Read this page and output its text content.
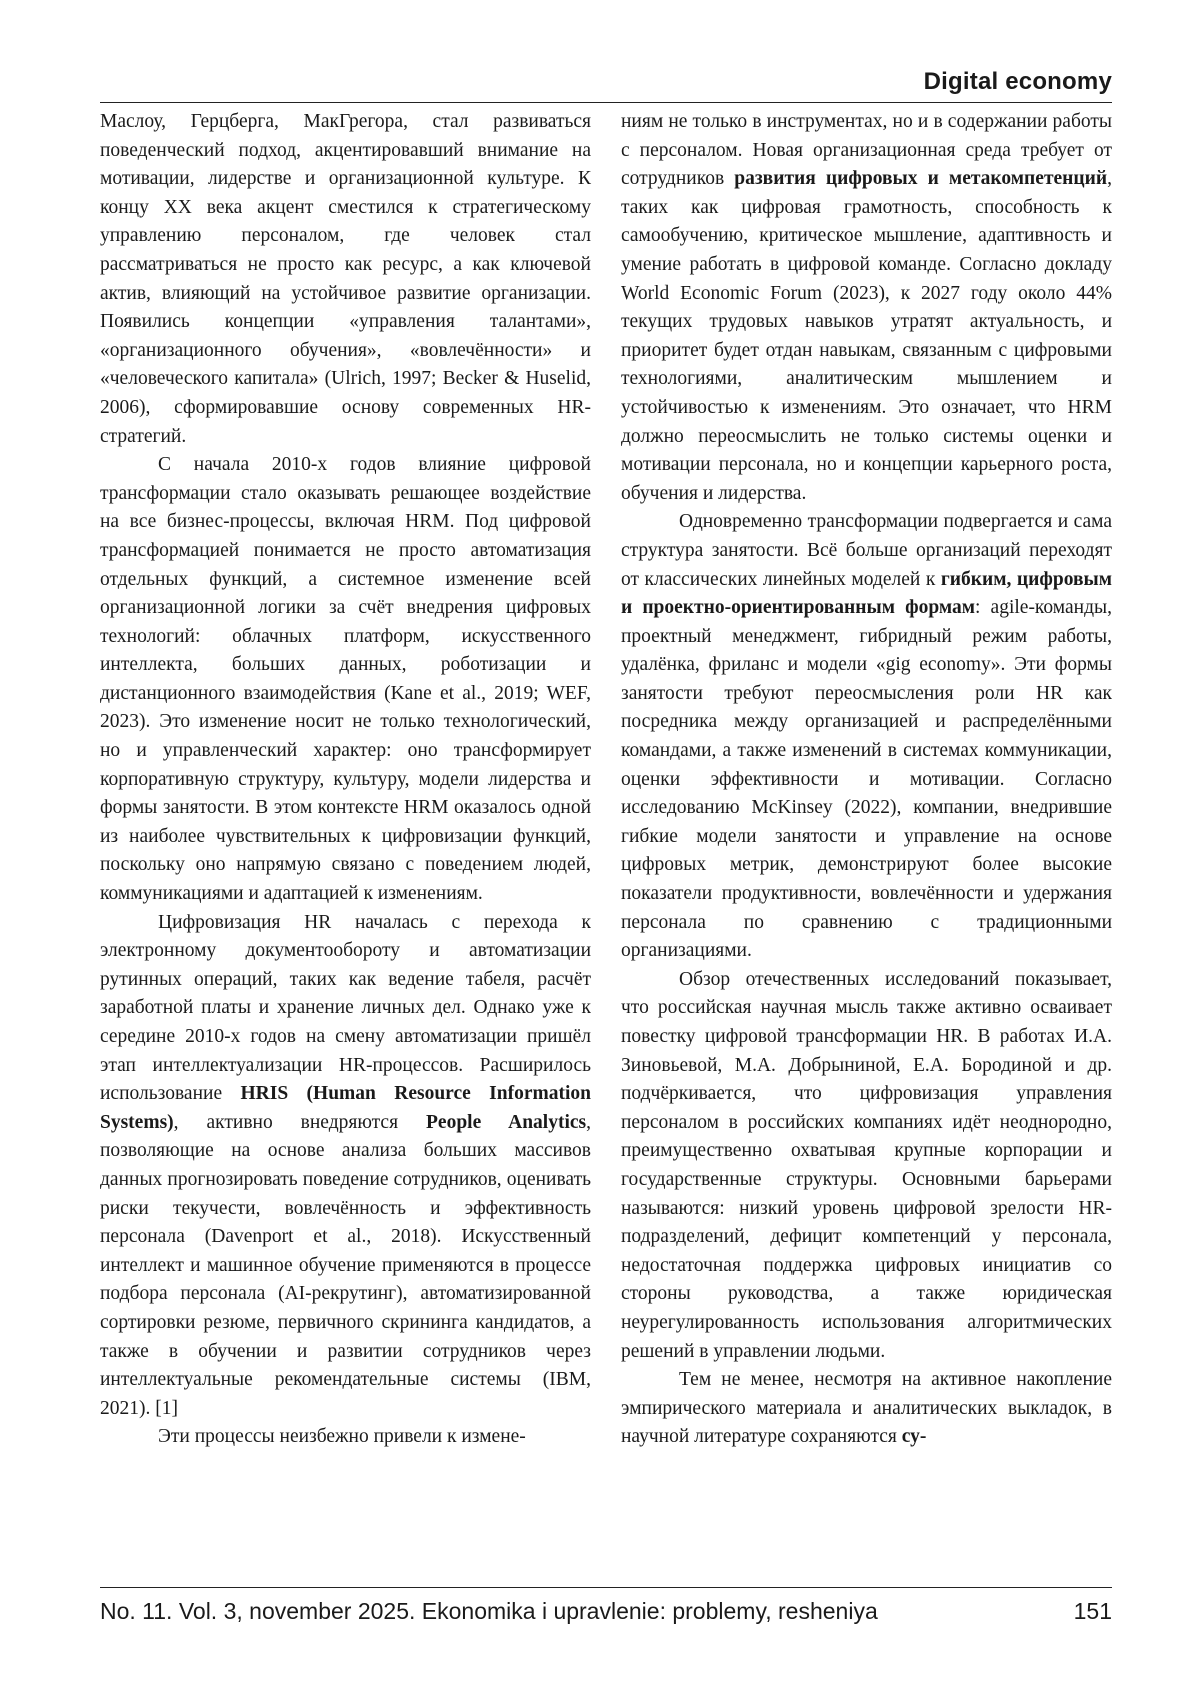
Digital economy

Маслоу, Герцберга, МакГрегора, стал развиваться поведенческий подход, акцентировавший внимание на мотивации, лидерстве и организационной культуре. К концу XX века акцент сместился к стратегическому управлению персоналом, где человек стал рассматриваться не просто как ресурс, а как ключевой актив, влияющий на устойчивое развитие организации. Появились концепции «управления талантами», «организационного обучения», «вовлечённости» и «человеческого капитала» (Ulrich, 1997; Becker & Huselid, 2006), сформировавшие основу современных HR-стратегий.

С начала 2010-х годов влияние цифровой трансформации стало оказывать решающее воздействие на все бизнес-процессы, включая HRM. Под цифровой трансформацией понимается не просто автоматизация отдельных функций, а системное изменение всей организационной логики за счёт внедрения цифровых технологий: облачных платформ, искусственного интеллекта, больших данных, роботизации и дистанционного взаимодействия (Kane et al., 2019; WEF, 2023). Это изменение носит не только технологический, но и управленческий характер: оно трансформирует корпоративную структуру, культуру, модели лидерства и формы занятости. В этом контексте HRM оказалось одной из наиболее чувствительных к цифровизации функций, поскольку оно напрямую связано с поведением людей, коммуникациями и адаптацией к изменениям.

Цифровизация HR началась с перехода к электронному документообороту и автоматизации рутинных операций, таких как ведение табеля, расчёт заработной платы и хранение личных дел. Однако уже к середине 2010-х годов на смену автоматизации пришёл этап интеллектуализации HR-процессов. Расширилось использование HRIS (Human Resource Information Systems), активно внедряются People Analytics, позволяющие на основе анализа больших массивов данных прогнозировать поведение сотрудников, оценивать риски текучести, вовлечённость и эффективность персонала (Davenport et al., 2018). Искусственный интеллект и машинное обучение применяются в процессе подбора персонала (AI-рекрутинг), автоматизированной сортировки резюме, первичного скрининга кандидатов, а также в обучении и развитии сотрудников через интеллектуальные рекомендательные системы (IBM, 2021). [1]

Эти процессы неизбежно привели к измене-

ниям не только в инструментах, но и в содержании работы с персоналом. Новая организационная среда требует от сотрудников развития цифровых и метакомпетенций, таких как цифровая грамотность, способность к самообучению, критическое мышление, адаптивность и умение работать в цифровой команде. Согласно докладу World Economic Forum (2023), к 2027 году около 44% текущих трудовых навыков утратят актуальность, и приоритет будет отдан навыкам, связанным с цифровыми технологиями, аналитическим мышлением и устойчивостью к изменениям. Это означает, что HRM должно переосмыслить не только системы оценки и мотивации персонала, но и концепции карьерного роста, обучения и лидерства.

Одновременно трансформации подвергается и сама структура занятости. Всё больше организаций переходят от классических линейных моделей к гибким, цифровым и проектно-ориентированным формам: agile-команды, проектный менеджмент, гибридный режим работы, удалёнка, фриланс и модели «gig economy». Эти формы занятости требуют переосмысления роли HR как посредника между организацией и распределёнными командами, а также изменений в системах коммуникации, оценки эффективности и мотивации. Согласно исследованию McKinsey (2022), компании, внедрившие гибкие модели занятости и управление на основе цифровых метрик, демонстрируют более высокие показатели продуктивности, вовлечённости и удержания персонала по сравнению с традиционными организациями.

Обзор отечественных исследований показывает, что российская научная мысль также активно осваивает повестку цифровой трансформации HR. В работах И.А. Зиновьевой, М.А. Добрыниной, Е.А. Бородиной и др. подчёркивается, что цифровизация управления персоналом в российских компаниях идёт неоднородно, преимущественно охватывая крупные корпорации и государственные структуры. Основными барьерами называются: низкий уровень цифровой зрелости HR-подразделений, дефицит компетенций у персонала, недостаточная поддержка цифровых инициатив со стороны руководства, а также юридическая неурегулированность использования алгоритмических решений в управлении людьми.

Тем не менее, несмотря на активное накопление эмпирического материала и аналитических выкладок, в научной литературе сохраняются су-

No. 11. Vol. 3, november 2025. Ekonomika i upravlenie: problemy, resheniya	151
